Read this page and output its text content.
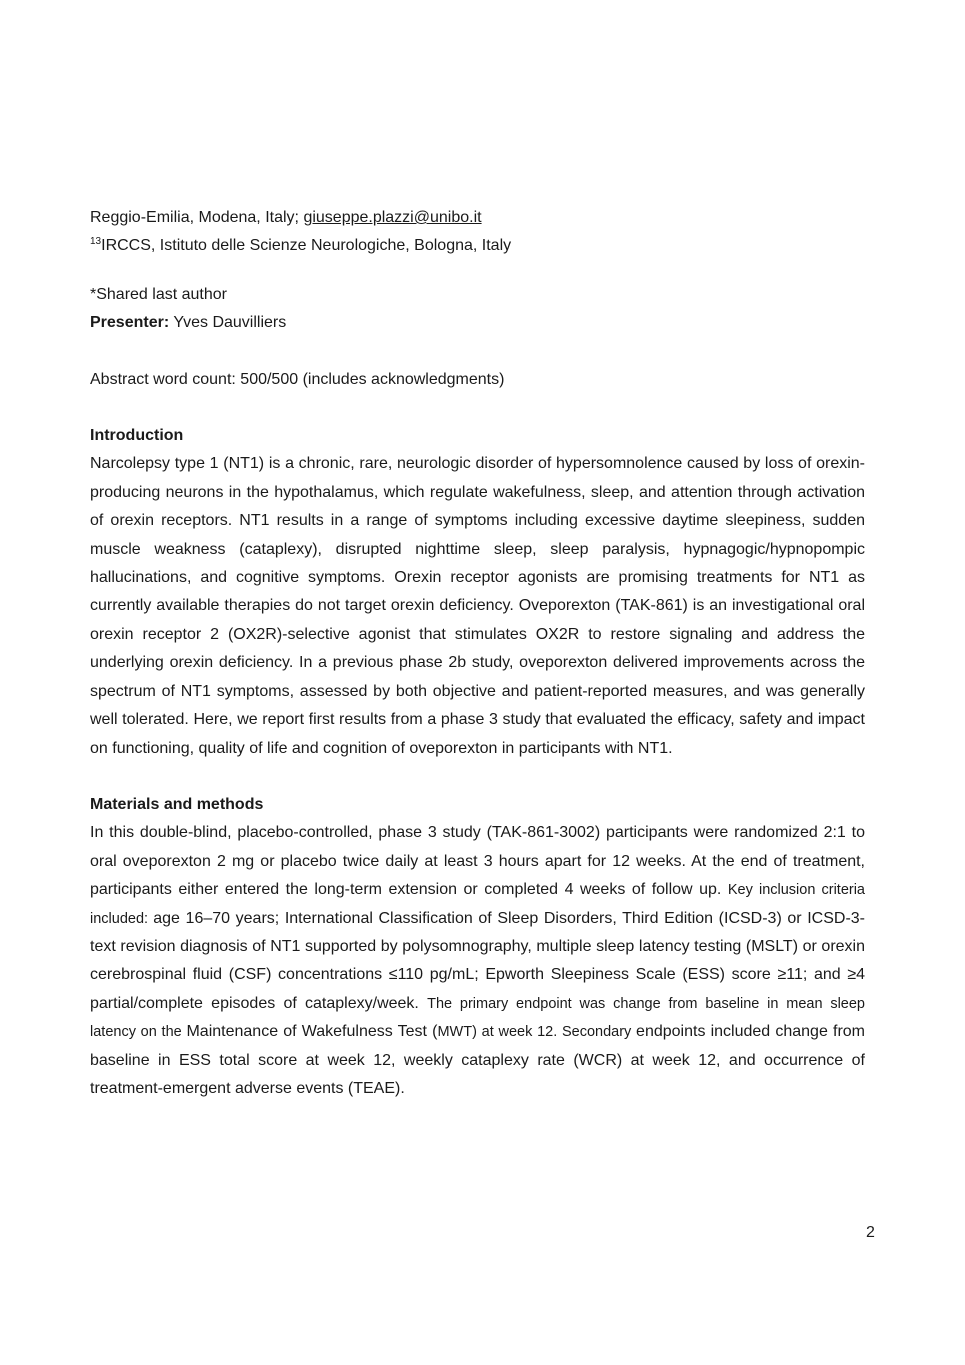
Reggio-Emilia, Modena, Italy; giuseppe.plazzi@unibo.it

$^{13}$IRCCS, Istituto delle Scienze Neurologiche, Bologna, Italy

*Shared last author

Presenter: Yves Dauvilliers

Abstract word count: 500/500 (includes acknowledgments)

Introduction

Narcolepsy type 1 (NT1) is a chronic, rare, neurologic disorder of hypersomnolence caused by loss of orexin-producing neurons in the hypothalamus, which regulate wakefulness, sleep, and attention through activation of orexin receptors. NT1 results in a range of symptoms including excessive daytime sleepiness, sudden muscle weakness (cataplexy), disrupted nighttime sleep, sleep paralysis, hypnagogic/hypnopompic hallucinations, and cognitive symptoms. Orexin receptor agonists are promising treatments for NT1 as currently available therapies do not target orexin deficiency. Oveporexton (TAK-861) is an investigational oral orexin receptor 2 (OX2R)-selective agonist that stimulates OX2R to restore signaling and address the underlying orexin deficiency. In a previous phase 2b study, oveporexton delivered improvements across the spectrum of NT1 symptoms, assessed by both objective and patient-reported measures, and was generally well tolerated. Here, we report first results from a phase 3 study that evaluated the efficacy, safety and impact on functioning, quality of life and cognition of oveporexton in participants with NT1.

Materials and methods

In this double-blind, placebo-controlled, phase 3 study (TAK-861-3002) participants were randomized 2:1 to oral oveporexton 2 mg or placebo twice daily at least 3 hours apart for 12 weeks. At the end of treatment, participants either entered the long-term extension or completed 4 weeks of follow up. Key inclusion criteria included: age 16–70 years; International Classification of Sleep Disorders, Third Edition (ICSD-3) or ICSD-3-text revision diagnosis of NT1 supported by polysomnography, multiple sleep latency testing (MSLT) or orexin cerebrospinal fluid (CSF) concentrations ≤110 pg/mL; Epworth Sleepiness Scale (ESS) score ≥11; and ≥4 partial/complete episodes of cataplexy/week. The primary endpoint was change from baseline in mean sleep latency on the Maintenance of Wakefulness Test (MWT) at week 12. Secondary endpoints included change from baseline in ESS total score at week 12, weekly cataplexy rate (WCR) at week 12, and occurrence of treatment-emergent adverse events (TEAE).

2
